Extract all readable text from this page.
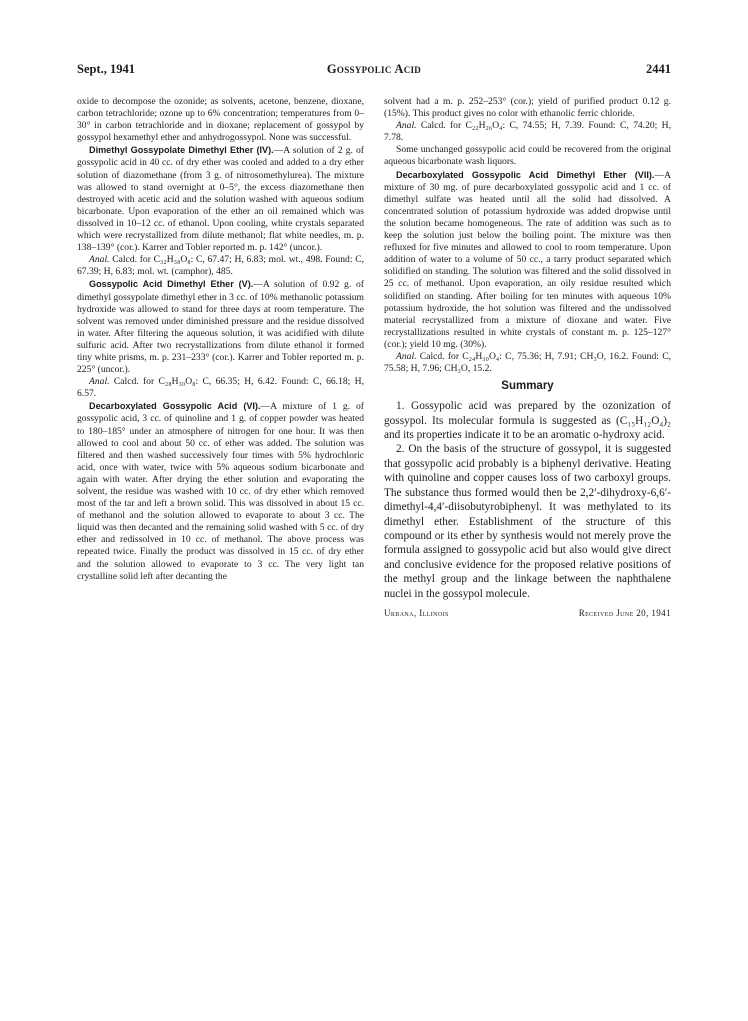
Sept., 1941	Gossypolic Acid	2441

oxide to decompose the ozonide; as solvents, acetone, benzene, dioxane, carbon tetrachloride; ozone up to 6% concentration; temperatures from 0–30° in carbon tetrachloride and in dioxane; replacement of gossypol by gossypol hexamethyl ether and anhydrogossypol. None was successful.

Dimethyl Gossypolate Dimethyl Ether (IV).—A solution of 2 g. of gossypolic acid in 40 cc. of dry ether was cooled and added to a dry ether solution of diazomethane (from 3 g. of nitrosomethylurea). The mixture was allowed to stand overnight at 0–5°, the excess diazomethane then destroyed with acetic acid and the solution washed with aqueous sodium bicarbonate. Upon evaporation of the ether an oil remained which was dissolved in 10–12 cc. of ethanol. Upon cooling, white crystals separated which were recrystallized from dilute methanol; flat white needles, m. p. 138–139° (cor.). Karrer and Tobler reported m. p. 142° (uncor.).

Anal. Calcd. for C₃₂H₃₈O₈: C, 67.47; H, 6.83; mol. wt., 498. Found: C, 67.39; H, 6.83; mol. wt. (camphor), 485.

Gossypolic Acid Dimethyl Ether (V).—A solution of 0.92 g. of dimethyl gossypolate dimethyl ether in 3 cc. of 10% methanolic potassium hydroxide was allowed to stand for three days at room temperature. The solvent was removed under diminished pressure and the residue dissolved in water. After filtering the aqueous solution, it was acidified with dilute sulfuric acid. After two recrystallizations from dilute ethanol it formed tiny white prisms, m. p. 231–233° (cor.). Karrer and Tobler reported m. p. 225° (uncor.).

Anal. Calcd. for C₂₈H₃₀O₈: C, 66.35; H, 6.42. Found: C, 66.18; H, 6.57.

Decarboxylated Gossypolic Acid (VI).—A mixture of 1 g. of gossypolic acid, 3 cc. of quinoline and 1 g. of copper powder was heated to 180–185° under an atmosphere of nitrogen for one hour. It was then allowed to cool and about 50 cc. of ether was added. The solution was filtered and then washed successively four times with 5% hydrochloric acid, once with water, twice with 5% aqueous sodium bicarbonate and again with water. After drying the ether solution and evaporating the solvent, the residue was washed with 10 cc. of dry ether which removed most of the tar and left a brown solid. This was dissolved in about 15 cc. of methanol and the solution allowed to evaporate to about 3 cc. The liquid was then decanted and the remaining solid washed with 5 cc. of dry ether and redissolved in 10 cc. of methanol. The above process was repeated twice. Finally the product was dissolved in 15 cc. of dry ether and the solution allowed to evaporate to 3 cc. The very light tan crystalline solid left after decanting the

solvent had a m. p. 252–253° (cor.); yield of purified product 0.12 g. (15%). This product gives no color with ethanolic ferric chloride.

Anal. Calcd. for C₂₂H₂₆O₄: C, 74.55; H, 7.39. Found: C, 74.20; H, 7.78.

Some unchanged gossypolic acid could be recovered from the original aqueous bicarbonate wash liquors.

Decarboxylated Gossypolic Acid Dimethyl Ether (VII).—A mixture of 30 mg. of pure decarboxylated gossypolic acid and 1 cc. of dimethyl sulfate was heated until all the solid had dissolved. A concentrated solution of potassium hydroxide was added dropwise until the solution became homogeneous. The rate of addition was such as to keep the solution just below the boiling point. The mixture was then refluxed for five minutes and allowed to cool to room temperature. Upon addition of water to a volume of 50 cc., a tarry product separated which solidified on standing. The solution was filtered and the solid dissolved in 25 cc. of methanol. Upon evaporation, an oily residue resulted which solidified on standing. After boiling for ten minutes with aqueous 10% potassium hydroxide, the hot solution was filtered and the undissolved material recrystallized from a mixture of dioxane and water. Five recrystallizations resulted in white crystals of constant m. p. 125–127° (cor.); yield 10 mg. (30%).

Anal. Calcd. for C₂₄H₃₀O₄: C, 75.36; H, 7.91; CH₃O, 16.2. Found: C, 75.58; H, 7.96; CH₃O, 15.2.

Summary

1. Gossypolic acid was prepared by the ozonization of gossypol. Its molecular formula is suggested as (C₁₅H₁₂O₄)₂ and its properties indicate it to be an aromatic o-hydroxy acid.

2. On the basis of the structure of gossypol, it is suggested that gossypolic acid probably is a biphenyl derivative. Heating with quinoline and copper causes loss of two carboxyl groups. The substance thus formed would then be 2,2′-dihydroxy-6,6′-dimethyl-4,4′-diisobutyrobiphenyl. It was methylated to its dimethyl ether. Establishment of the structure of this compound or its ether by synthesis would not merely prove the formula assigned to gossypolic acid but also would give direct and conclusive evidence for the proposed relative positions of the methyl group and the linkage between the naphthalene nuclei in the gossypol molecule.

Urbana, Illinois	Received June 20, 1941
